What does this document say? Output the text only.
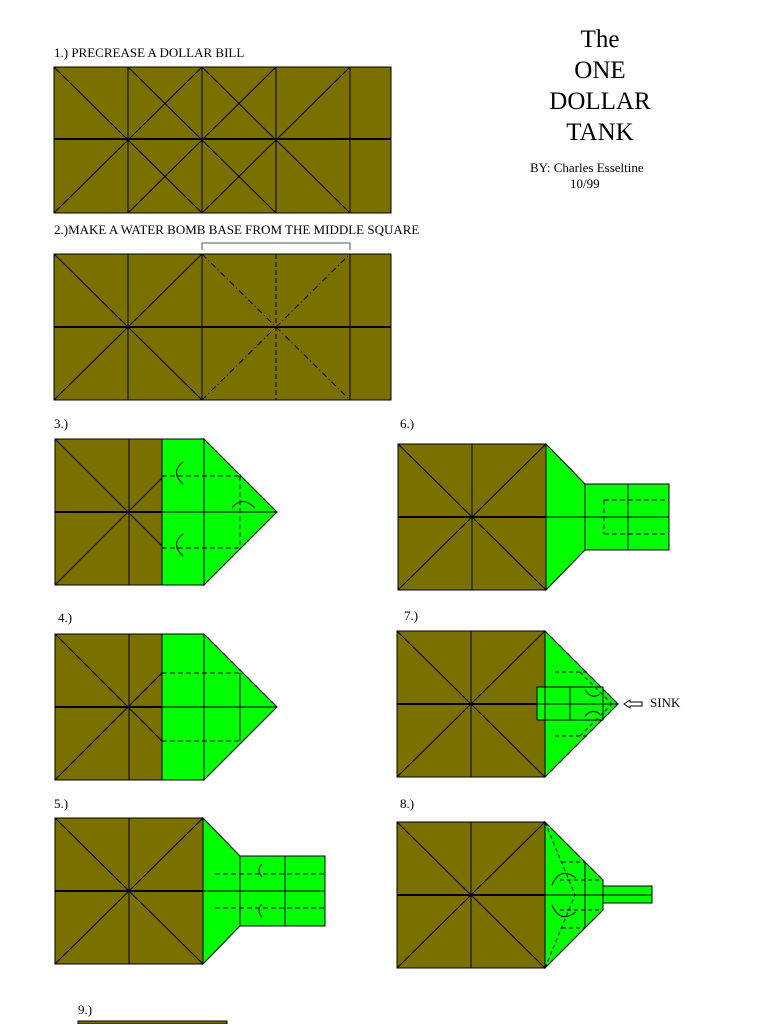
The
ONE
DOLLAR
TANK
BY: Charles Esseltine
10/99
1.) PRECREASE A DOLLAR BILL
2.)MAKE A WATER BOMB BASE FROM THE MIDDLE SQUARE
3.)
4.)
5.)
6.)
7.)
8.)
9.)
SINK
